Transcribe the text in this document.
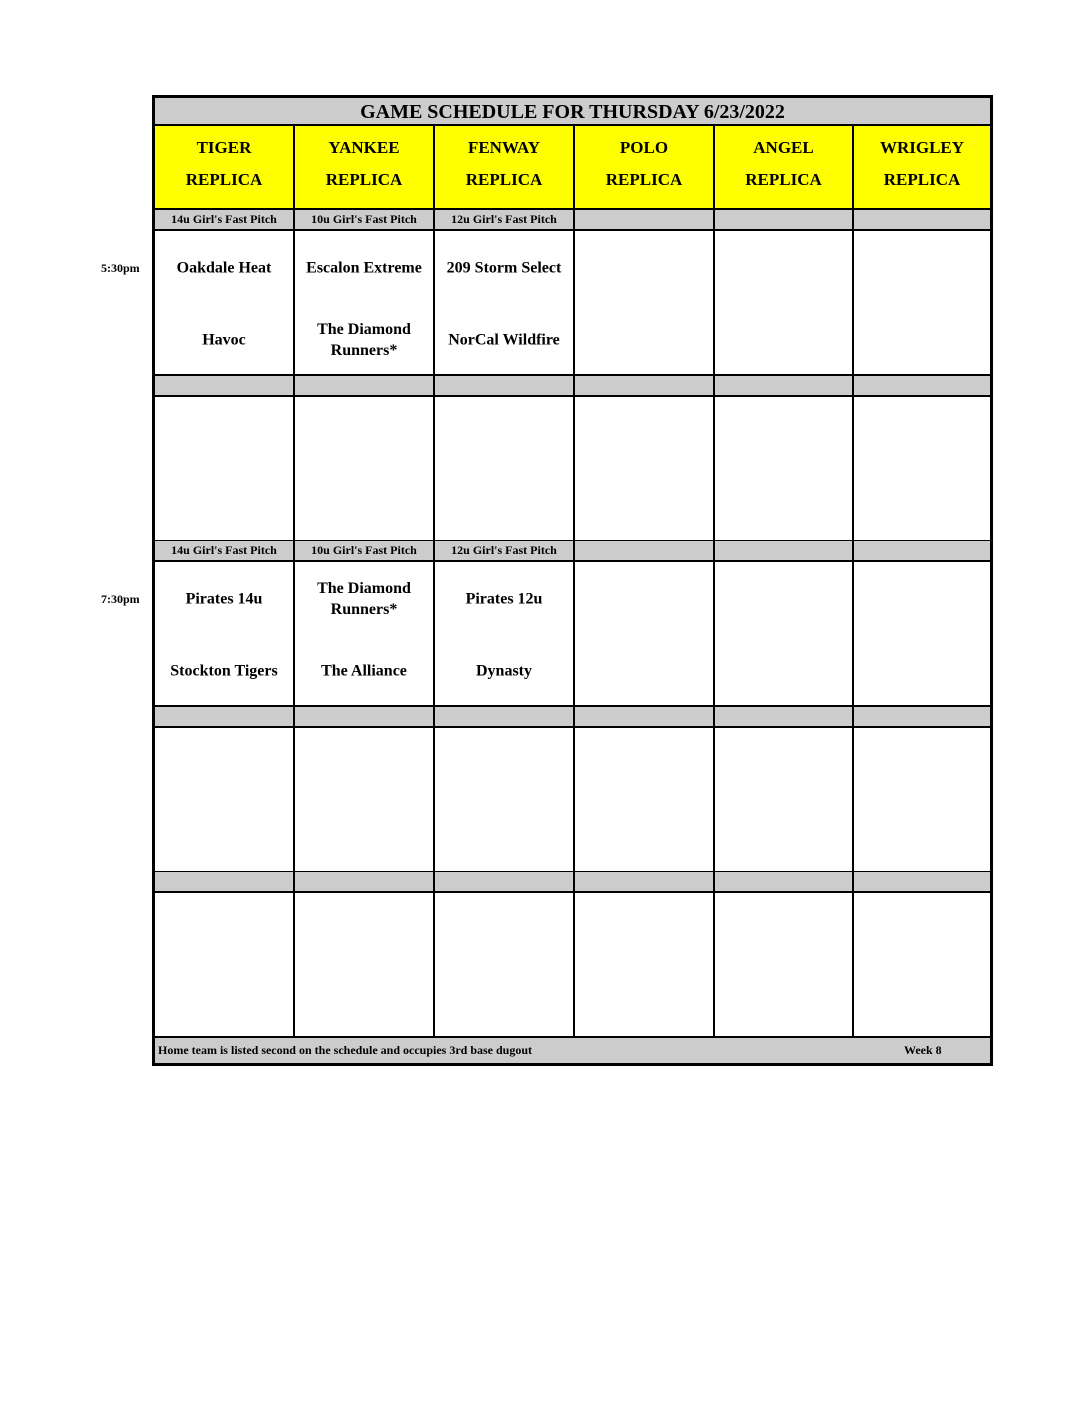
5:30pm
7:30pm
GAME SCHEDULE FOR THURSDAY 6/23/2022
TIGER
REPLICA
YANKEE
REPLICA
FENWAY
REPLICA
POLO
REPLICA
ANGEL
REPLICA
WRIGLEY
REPLICA
14u Girl's Fast Pitch
Oakdale Heat
Havoc
10u Girl's Fast Pitch
Escalon Extreme
The Diamond Runners*
12u Girl's Fast Pitch
209 Storm Select
NorCal Wildfire
14u Girl's Fast Pitch
Pirates 14u
Stockton Tigers
10u Girl's Fast Pitch
The Diamond Runners*
The Alliance
12u Girl's Fast Pitch
Pirates 12u
Dynasty
Home team is listed second on the schedule and occupies 3rd base dugout	Week 8
